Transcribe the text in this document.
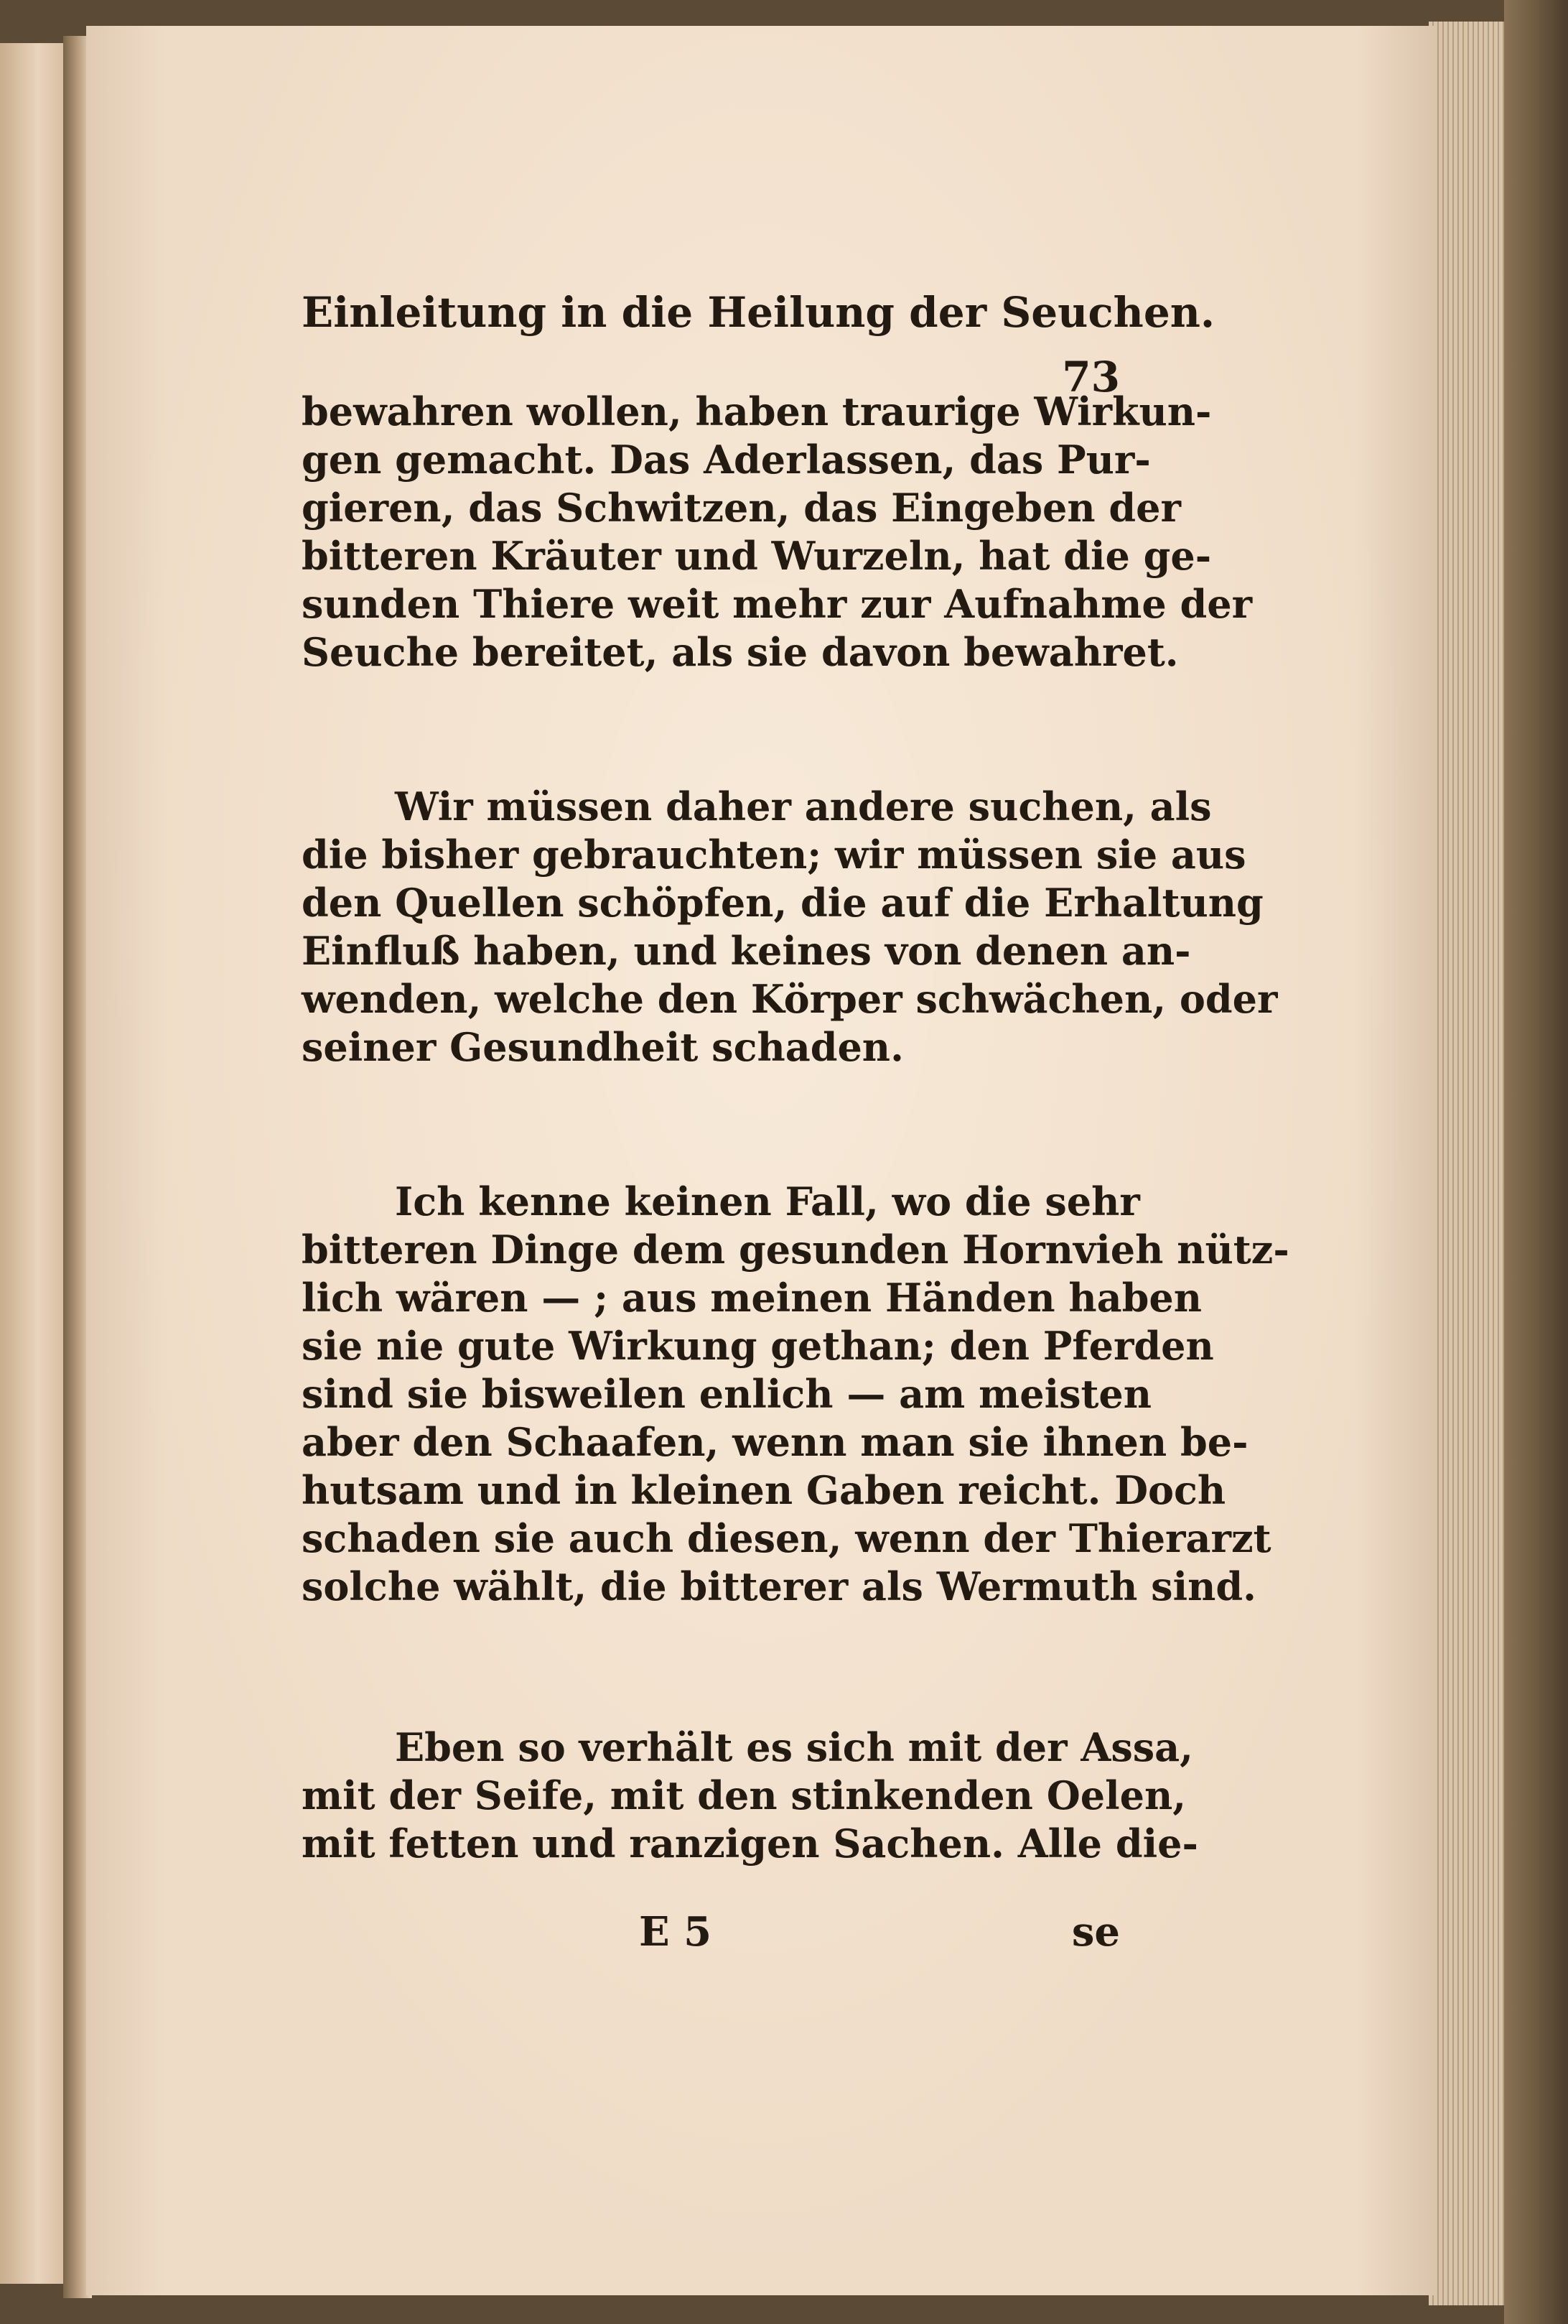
Einleitung in die Heilung der Seuchen.
73
bewahren wollen, haben traurige Wirkun-
gen gemacht. Das Aderlassen, das Pur-
gieren, das Schwitzen, das Eingeben der
bitteren Kräuter und Wurzeln, hat die ge-
sunden Thiere weit mehr zur Aufnahme der
Seuche bereitet, als sie davon bewahret.
Wir müssen daher andere suchen, als
die bisher gebrauchten; wir müssen sie aus
den Quellen schöpfen, die auf die Erhaltung
Einfluß haben, und keines von denen an-
wenden, welche den Körper schwächen, oder
seiner Gesundheit schaden.
Ich kenne keinen Fall, wo die sehr
bitteren Dinge dem gesunden Hornvieh nütz-
lich wären — ; aus meinen Händen haben
sie nie gute Wirkung gethan; den Pferden
sind sie bisweilen enlich — am meisten
aber den Schaafen, wenn man sie ihnen be-
hutsam und in kleinen Gaben reicht. Doch
schaden sie auch diesen, wenn der Thierarzt
solche wählt, die bitterer als Wermuth sind.
Eben so verhält es sich mit der Assa,
mit der Seife, mit den stinkenden Oelen,
mit fetten und ranzigen Sachen. Alle die-
E 5	se
